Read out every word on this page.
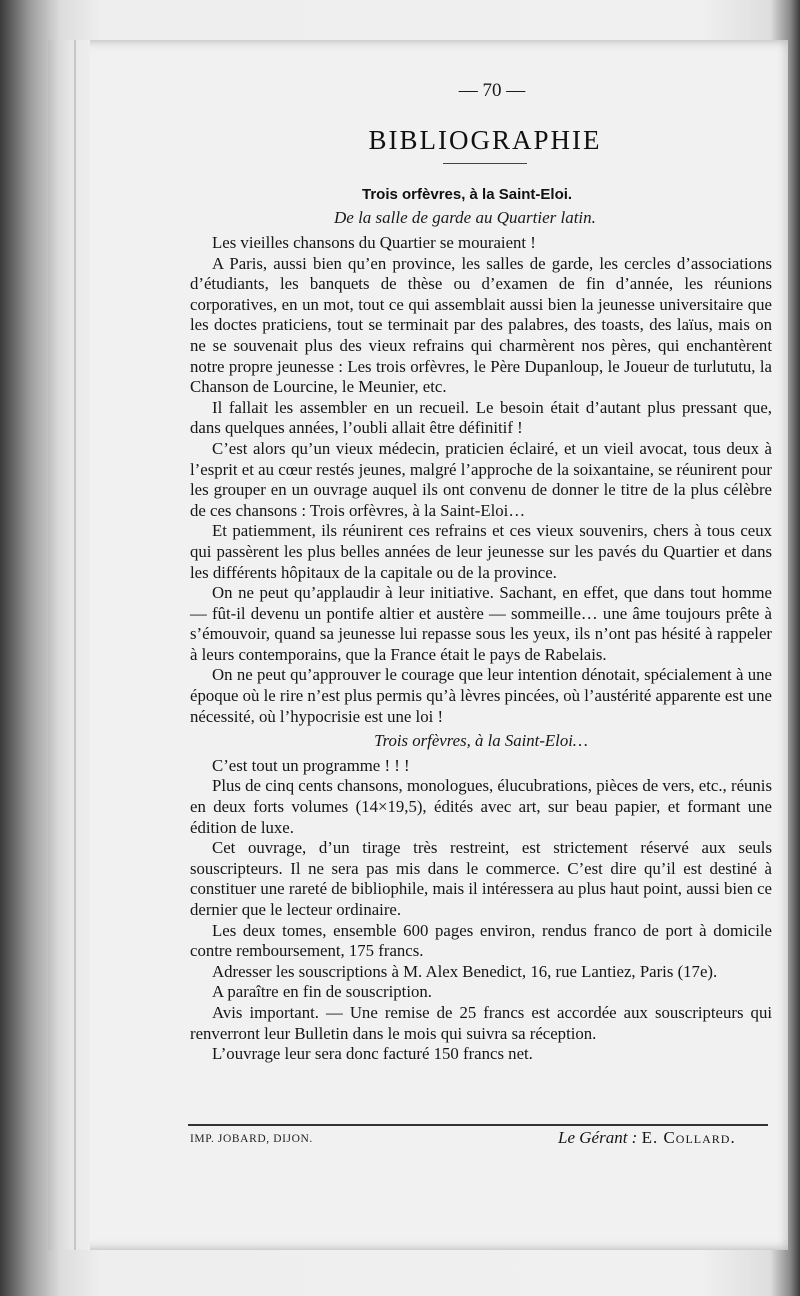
— 70 —
BIBLIOGRAPHIE
Trois orfèvres, à la Saint-Eloi.
De la salle de garde au Quartier latin.

Les vieilles chansons du Quartier se mouraient !

A Paris, aussi bien qu’en province, les salles de garde, les cercles d’associations d’étudiants, les banquets de thèse ou d’examen de fin d’année, les réunions corporatives, en un mot, tout ce qui assemblait aussi bien la jeunesse universitaire que les doctes praticiens, tout se terminait par des palabres, des toasts, des laïus, mais on ne se souvenait plus des vieux refrains qui charmèrent nos pères, qui enchantèrent notre propre jeunesse : Les trois orfèvres, le Père Dupanloup, le Joueur de turlututu, la Chanson de Lourcine, le Meunier, etc.

Il fallait les assembler en un recueil. Le besoin était d’autant plus pressant que, dans quelques années, l’oubli allait être définitif !

C’est alors qu’un vieux médecin, praticien éclairé, et un vieil avocat, tous deux à l’esprit et au cœur restés jeunes, malgré l’approche de la soixantaine, se réunirent pour les grouper en un ouvrage auquel ils ont convenu de donner le titre de la plus célèbre de ces chansons : Trois orfèvres, à la Saint-Eloi…

Et patiemment, ils réunirent ces refrains et ces vieux souvenirs, chers à tous ceux qui passèrent les plus belles années de leur jeunesse sur les pavés du Quartier et dans les différents hôpitaux de la capitale ou de la province.

On ne peut qu’applaudir à leur initiative. Sachant, en effet, que dans tout homme — fût-il devenu un pontife altier et austère — sommeille… une âme toujours prête à s’émouvoir, quand sa jeunesse lui repasse sous les yeux, ils n’ont pas hésité à rappeler à leurs contemporains, que la France était le pays de Rabelais.

On ne peut qu’approuver le courage que leur intention dénotait, spécialement à une époque où le rire n’est plus permis qu’à lèvres pincées, où l’austérité apparente est une nécessité, où l’hypocrisie est une loi !

Trois orfèvres, à la Saint-Eloi…

C’est tout un programme ! ! !

Plus de cinq cents chansons, monologues, élucubrations, pièces de vers, etc., réunis en deux forts volumes (14×19,5), édités avec art, sur beau papier, et formant une édition de luxe.

Cet ouvrage, d’un tirage très restreint, est strictement réservé aux seuls souscripteurs. Il ne sera pas mis dans le commerce. C’est dire qu’il est destiné à constituer une rareté de bibliophile, mais il intéressera au plus haut point, aussi bien ce dernier que le lecteur ordinaire.

Les deux tomes, ensemble 600 pages environ, rendus franco de port à domicile contre remboursement, 175 francs.

Adresser les souscriptions à M. Alex Benedict, 16, rue Lantiez, Paris (17e).

A paraître en fin de souscription.

Avis important. — Une remise de 25 francs est accordée aux souscripteurs qui renverront leur Bulletin dans le mois qui suivra sa réception.

L’ouvrage leur sera donc facturé 150 francs net.

IMP. JOBARD, DIJON.	Le Gérant : E. Collard.
